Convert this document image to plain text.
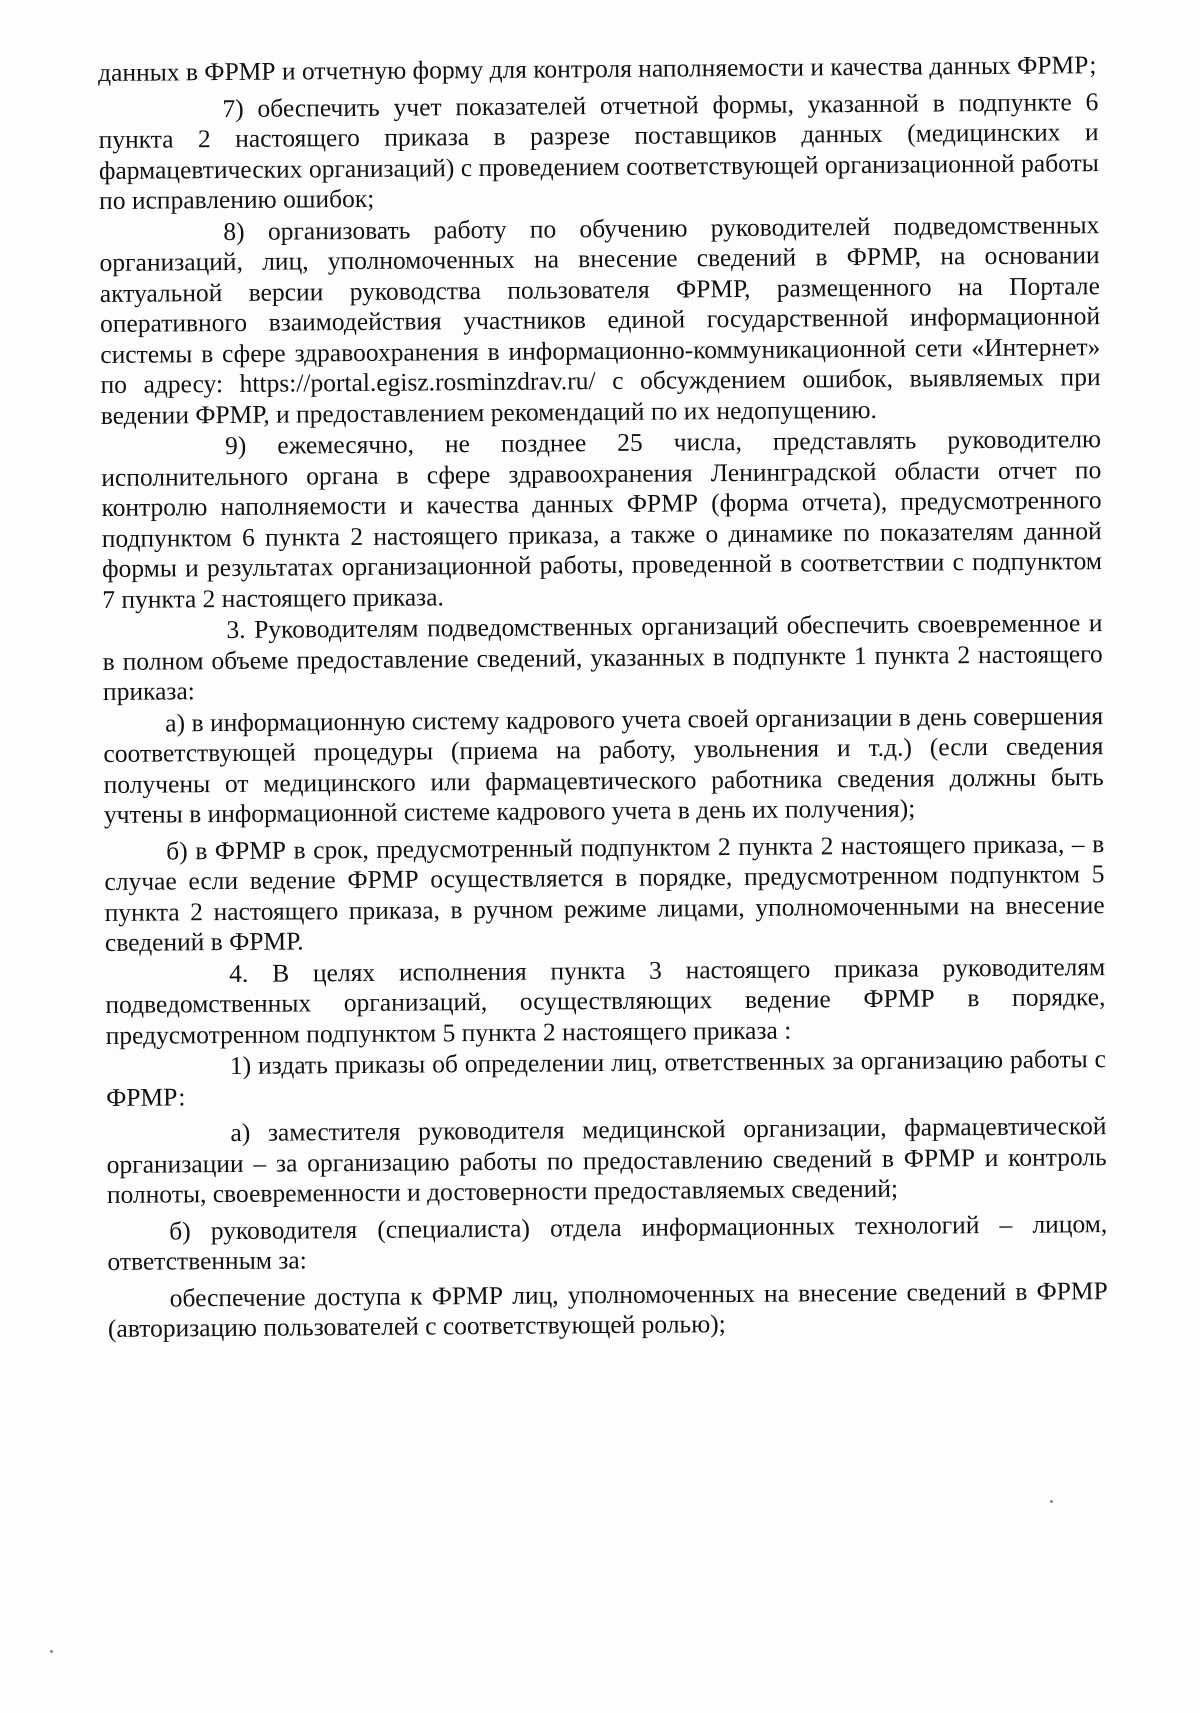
данных в ФРМР и отчетную форму для контроля наполняемости и качества данных ФРМР;

7) обеспечить учет показателей отчетной формы, указанной в подпункте 6 пункта 2 настоящего приказа в разрезе поставщиков данных (медицинских и фармацевтических организаций) с проведением соответствующей организационной работы по исправлению ошибок;

8) организовать работу по обучению руководителей подведомственных организаций, лиц, уполномоченных на внесение сведений в ФРМР, на основании актуальной версии руководства пользователя ФРМР, размещенного на Портале оперативного взаимодействия участников единой государственной информационной системы в сфере здравоохранения в информационно-коммуникационной сети «Интернет» по адресу: https://portal.egisz.rosminzdrav.ru/ с обсуждением ошибок, выявляемых при ведении ФРМР, и предоставлением рекомендаций по их недопущению.

9) ежемесячно, не позднее 25 числа, представлять руководителю исполнительного органа в сфере здравоохранения Ленинградской области отчет по контролю наполняемости и качества данных ФРМР (форма отчета), предусмотренного подпунктом 6 пункта 2 настоящего приказа, а также о динамике по показателям данной формы и результатах организационной работы, проведенной в соответствии с подпунктом 7 пункта 2 настоящего приказа.

3. Руководителям подведомственных организаций обеспечить своевременное и в полном объеме предоставление сведений, указанных в подпункте 1 пункта 2 настоящего приказа:

а) в информационную систему кадрового учета своей организации в день совершения соответствующей процедуры (приема на работу, увольнения и т.д.) (если сведения получены от медицинского или фармацевтического работника сведения должны быть учтены в информационной системе кадрового учета в день их получения);

б) в ФРМР в срок, предусмотренный подпунктом 2 пункта 2 настоящего приказа, – в случае если ведение ФРМР осуществляется в порядке, предусмотренном подпунктом 5 пункта 2 настоящего приказа, в ручном режиме лицами, уполномоченными на внесение сведений в ФРМР.

4. В целях исполнения пункта 3 настоящего приказа руководителям подведомственных организаций, осуществляющих ведение ФРМР в порядке, предусмотренном подпунктом 5 пункта 2 настоящего приказа :

1) издать приказы об определении лиц, ответственных за организацию работы с ФРМР:

а) заместителя руководителя медицинской организации, фармацевтической организации – за организацию работы по предоставлению сведений в ФРМР и контроль полноты, своевременности и достоверности предоставляемых сведений;

б) руководителя (специалиста) отдела информационных технологий – лицом, ответственным за:

обеспечение доступа к ФРМР лиц, уполномоченных на внесение сведений в ФРМР (авторизацию пользователей с соответствующей ролью);
